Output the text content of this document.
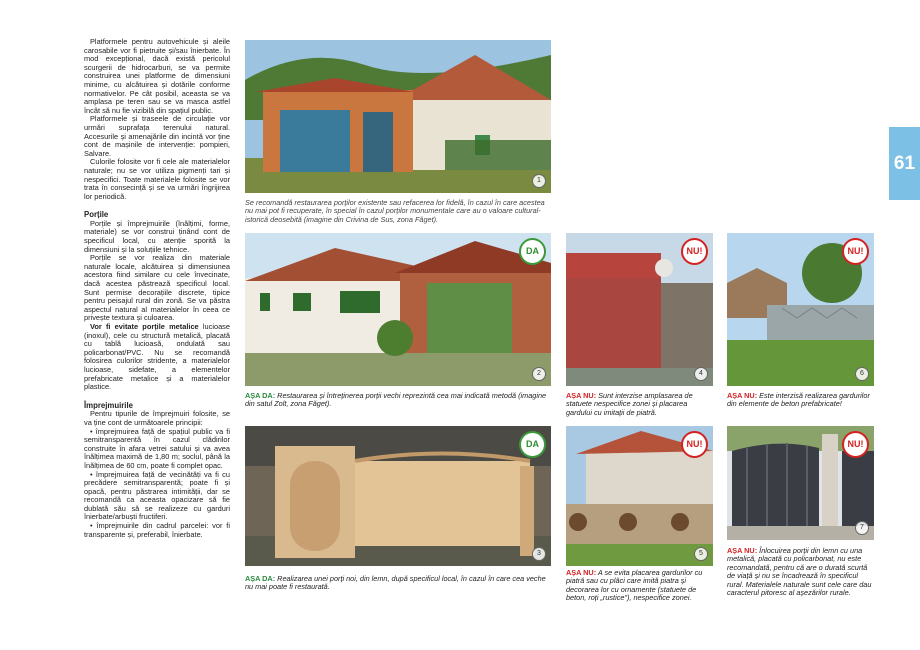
Platformele pentru autovehicule și aleile carosabile vor fi pietruite și/sau înierbate. În mod excepțional, dacă există pericolul scurgerii de hidrocarburi, se va permite construirea unei platforme de dimensiuni minime, cu alcătuirea și dotările conforme normativelor. Pe cât posibil, aceasta se va amplasa pe teren sau se va masca astfel încât să nu fie vizibilă din spațiul public.

Platformele și traseele de circulație vor urmări suprafața terenului natural. Accesurile și amenajările din incintă vor ține cont de mașinile de intervenție: pompieri, Salvare.

Culorile folosite vor fi cele ale materialelor naturale; nu se vor utiliza pigmenți tari și nespecifici. Toate materialele folosite se vor trata în consecință și se va urmări îngrijirea lor periodică.

Porțile

Porțile și împrejmuirile (înălțimi, forme, materiale) se vor construi ținând cont de specificul local, cu atenție sporită la dimensiuni și la soluțiile tehnice.

Porțile se vor realiza din materiale naturale locale, alcătuirea și dimensiunea acestora fiind similare cu cele învecinate, dacă acestea păstrează specificul local. Sunt permise decorațiile discrete, tipice pentru peisajul rural din zonă. Se va păstra aspectul natural al materialelor în ceea ce privește textura și culoarea.

Vor fi evitate porțile metalice lucioase (inoxul), cele cu structură metalică, placată cu tablă lucioasă, ondulată sau policarbonat/PVC. Nu se recomandă folosirea culorilor stridente, a materialelor lucioase, sidefate, a elementelor prefabricate metalice și a materialelor plastice.

Împrejmuirile

Pentru tipurile de împrejmuiri folosite, se va ține cont de următoarele principii:

• împrejmuirea față de spațiul public va fi semitransparentă în cazul clădirilor construite în afara vetrei satului și va avea înălțimea maximă de 1,80 m; soclul, până la înălțimea de 60 cm, poate fi complet opac.

• împrejmuirea față de vecinătăți va fi cu precădere semitransparentă; poate fi și opacă, pentru păstrarea intimității, dar se recomandă ca aceasta opacizare să fie dublată său să se realizeze cu garduri înierbate/arbuști fructiferi.

• împrejmuirile din cadrul parcelei: vor fi transparente și, preferabil, înierbate.

1
Se recomandă restaurarea porților existente sau refacerea lor fidelă, în cazul în care acestea nu mai pot fi recuperate, în special în cazul porților monumentale care au o valoare cultural-istorică deosebită (imagine din Crivina de Sus, zona Făget).
DA
2
AȘA DA: Restaurarea și întreținerea porții vechi reprezintă cea mai indicată metodă (imagine din satul Zolt, zona Făget).
DA
3
AȘA DA: Realizarea unei porți noi, din lemn, după specificul local, în cazul în care cea veche nu mai poate fi restaurată.
NU!
4
AȘA NU: Sunt interzise amplasarea de statuete nespecifice zonei și placarea gardului cu imitații de piatră.
NU!
5
AȘA NU: A se evita placarea gardurilor cu piatră sau cu plăci care imită piatra și decorarea lor cu ornamente (statuete de beton, roți „rustice"), nespecifice zonei.
NU!
6
AȘA NU: Este interzisă realizarea gardurilor din elemente de beton prefabricate!
NU!
7
AȘA NU: Înlocuirea porții din lemn cu una metalică, placată cu policarbonat, nu este recomandată, pentru că are o durată scurtă de viață și nu se încadrează în specificul rural. Materialele naturale sunt cele care dau caracterul pitoresc al așezărilor rurale.
61
